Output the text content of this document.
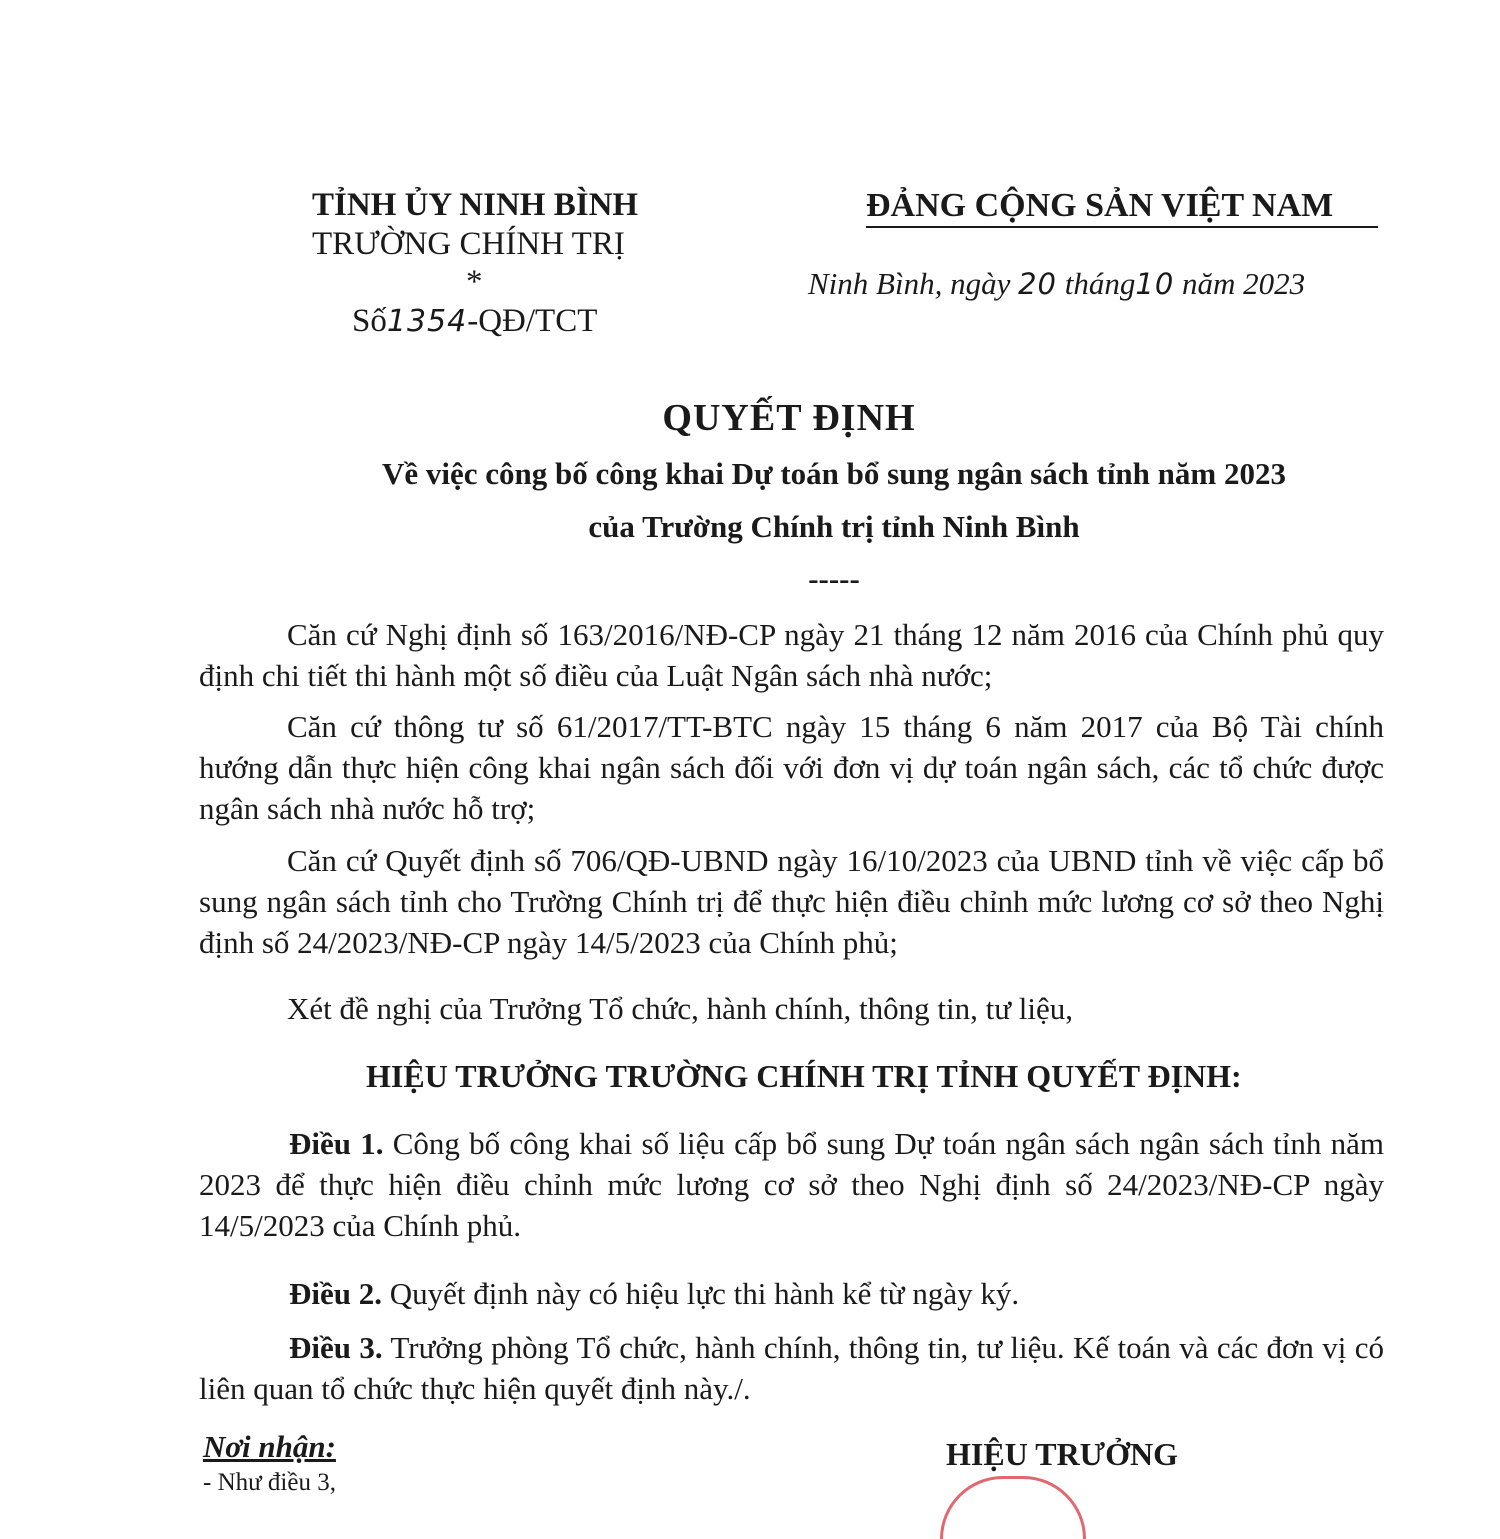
TỈNH ỦY NINH BÌNH
TRƯỜNG CHÍNH TRỊ
*
Số1354-QĐ/TCT
ĐẢNG CỘNG SẢN VIỆT NAM
Ninh Bình, ngày 20 tháng10 năm 2023
QUYẾT ĐỊNH
Về việc công bố công khai Dự toán bổ sung ngân sách tỉnh năm 2023
của Trường Chính trị tỉnh Ninh Bình
-----
Căn cứ Nghị định số 163/2016/NĐ-CP ngày 21 tháng 12 năm 2016 của Chính phủ quy định chi tiết thi hành một số điều của Luật Ngân sách nhà nước;
Căn cứ thông tư số 61/2017/TT-BTC ngày 15 tháng 6 năm 2017 của Bộ Tài chính hướng dẫn thực hiện công khai ngân sách đối với đơn vị dự toán ngân sách, các tổ chức được ngân sách nhà nước hỗ trợ;
Căn cứ Quyết định số 706/QĐ-UBND ngày 16/10/2023 của UBND tỉnh về việc cấp bổ sung ngân sách tỉnh cho Trường Chính trị để thực hiện điều chỉnh mức lương cơ sở theo Nghị định số 24/2023/NĐ-CP ngày 14/5/2023 của Chính phủ;
Xét đề nghị của Trưởng Tổ chức, hành chính, thông tin, tư liệu,
HIỆU TRƯỞNG TRƯỜNG CHÍNH TRỊ TỈNH QUYẾT ĐỊNH:
Điều 1. Công bố công khai số liệu cấp bổ sung Dự toán ngân sách ngân sách tỉnh năm 2023 để thực hiện điều chỉnh mức lương cơ sở theo Nghị định số 24/2023/NĐ-CP ngày 14/5/2023 của Chính phủ.
Điều 2. Quyết định này có hiệu lực thi hành kể từ ngày ký.
Điều 3. Trưởng phòng Tổ chức, hành chính, thông tin, tư liệu. Kế toán và các đơn vị có liên quan tổ chức thực hiện quyết định này./.
Nơi nhận:
- Như điều 3,
HIỆU TRƯỞNG
